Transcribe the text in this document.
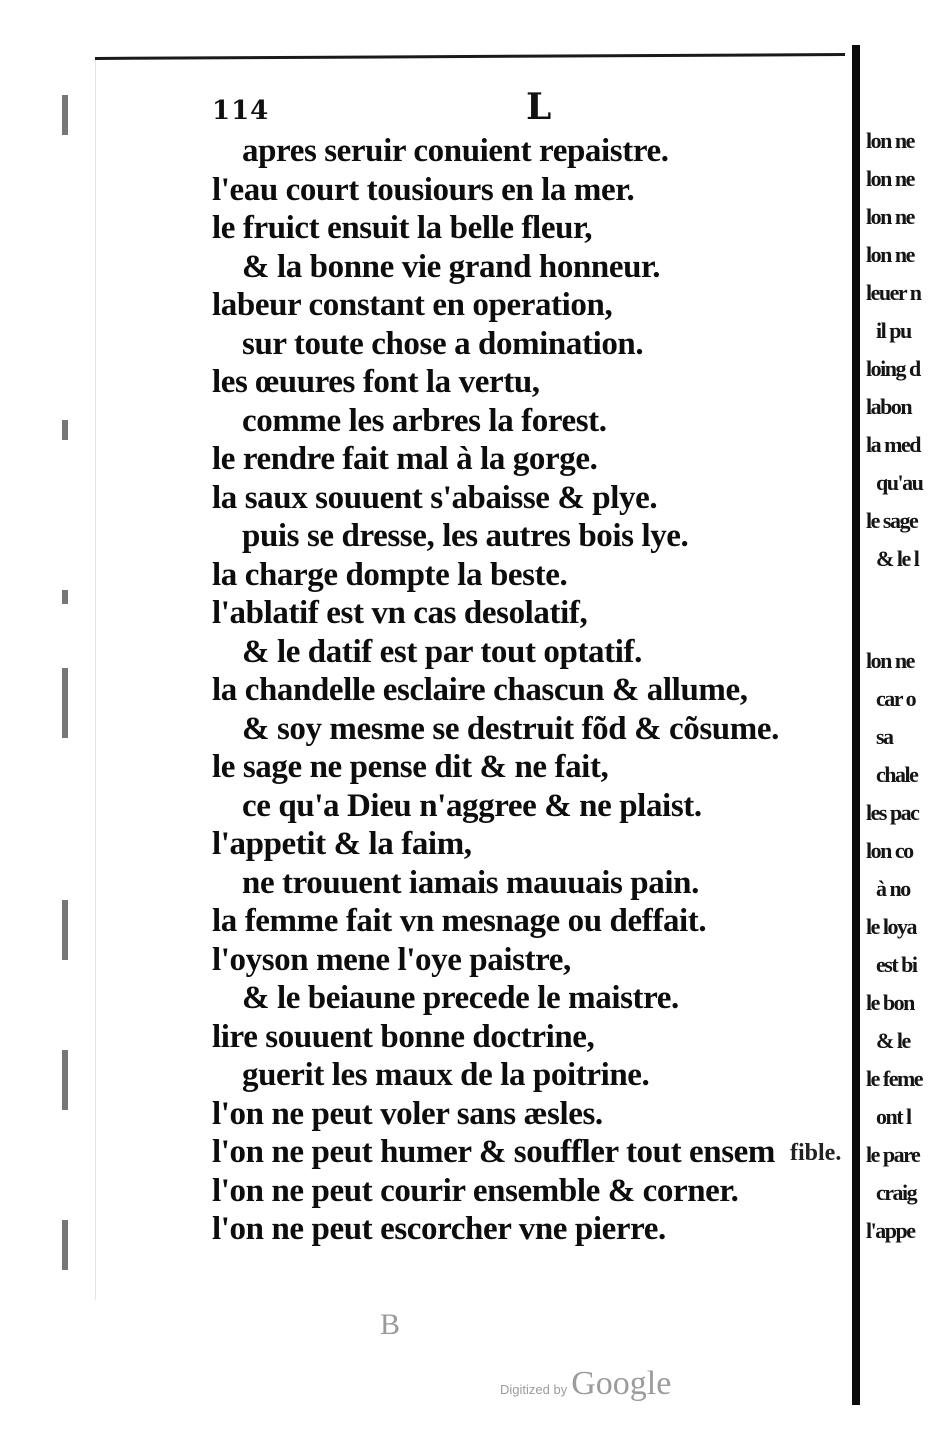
114	L
apres seruir conuient repaistre.
l'eau court tousiours en la mer.
le fruict ensuit la belle fleur,
& la bonne vie grand honneur.
labeur constant en operation,
sur toute chose a domination.
les œuures font la vertu,
comme les arbres la forest.
le rendre fait mal à la gorge.
la saux souuent s'abaisse & plye.
puis se dresse, les autres bois lye.
la charge dompte la beste.
l'ablatif est vn cas desolatif,
& le datif est par tout optatif.
la chandelle esclaire chascun & allume,
& soy mesme se destruit fõd & cõsume.
le sage ne pense dit & ne fait,
ce qu'a Dieu n'aggree & ne plaist.
l'appetit & la faim,
ne trouuent iamais mauuais pain.
la femme fait vn mesnage ou deffait.
l'oyson mene l'oye paistre,
& le beiaune precede le maistre.
lire souuent bonne doctrine,
guerit les maux de la poitrine.
l'on ne peut voler sans æsles.
l'on ne peut humer & souffler tout ensem
l'on ne peut courir ensemble & corner.
l'on ne peut escorcher vne pierre.
fible.
B
lon ne
lon ne
lon ne
lon ne
leuer n
il pu
loing d
labon
la med
qu'au
le sage
& le l
lon ne
car o
sa
chale
les pac
lon co
à no
le loya
est bi
le bon
& le
le feme
ont l
le pare
craig
l'appe
Digitized by Google
